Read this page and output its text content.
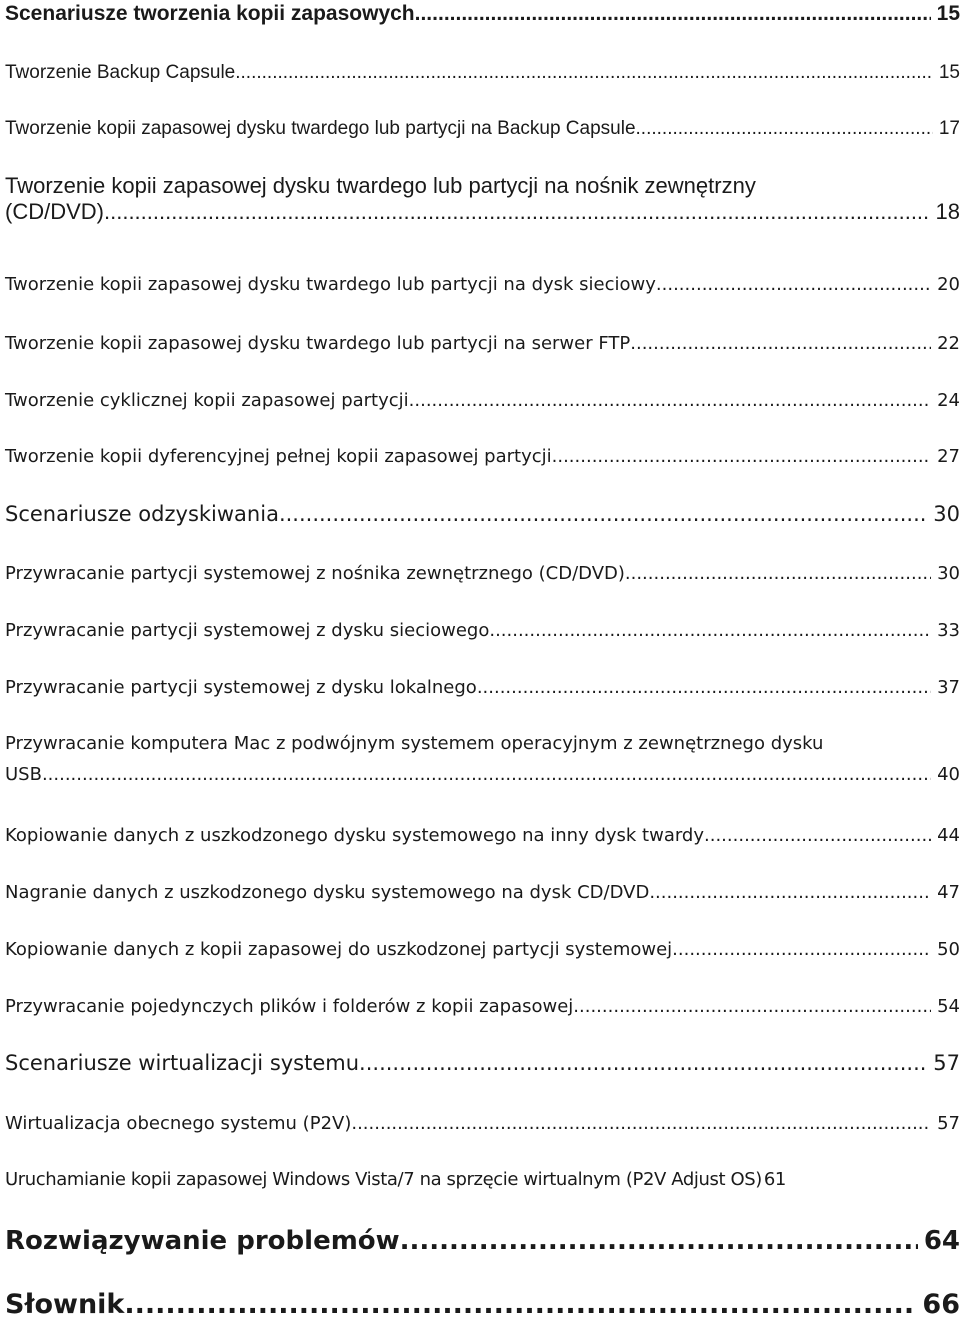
Scenariusze tworzenia kopii zapasowych .....	15
Tworzenie Backup Capsule .....	15
Tworzenie kopii zapasowej dysku twardego lub partycji na Backup Capsule .....	17
Tworzenie kopii zapasowej dysku twardego lub partycji na nośnik zewnętrzny
(CD/DVD) .....	18
Tworzenie kopii zapasowej dysku twardego lub partycji na dysk sieciowy .....	20
Tworzenie kopii zapasowej dysku twardego lub partycji na serwer FTP .....	22
Tworzenie cyklicznej kopii zapasowej partycji .....	24
Tworzenie kopii dyferencyjnej pełnej kopii zapasowej partycji .....	27
Scenariusze odzyskiwania .....	30
Przywracanie partycji systemowej z nośnika zewnętrznego (CD/DVD) .....	30
Przywracanie partycji systemowej z dysku sieciowego .....	33
Przywracanie partycji systemowej z dysku lokalnego .....	37
Przywracanie komputera Mac z podwójnym systemem operacyjnym z zewnętrznego dysku
USB .....	40
Kopiowanie danych z uszkodzonego dysku systemowego na inny dysk twardy .....	44
Nagranie danych z uszkodzonego dysku systemowego na dysk CD/DVD .....	47
Kopiowanie danych z kopii zapasowej do uszkodzonej partycji systemowej .....	50
Przywracanie pojedynczych plików i folderów z kopii zapasowej .....	54
Scenariusze wirtualizacji systemu .....	57
Wirtualizacja obecnego systemu (P2V) .....	57
Uruchamianie kopii zapasowej Windows Vista/7 na sprzęcie wirtualnym (P2V Adjust OS) 61
Rozwiązywanie problemów .....	64
Słownik .....	66
